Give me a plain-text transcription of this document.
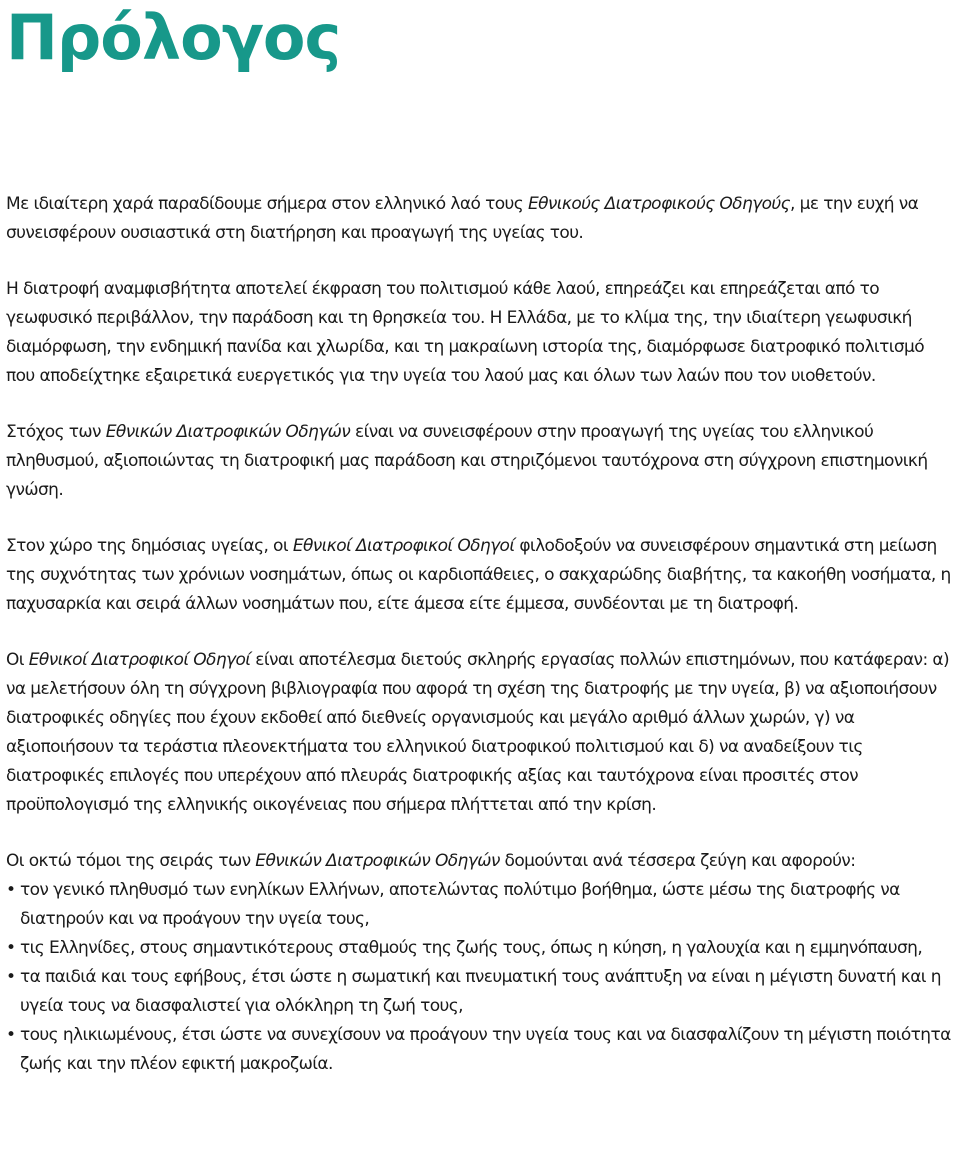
Πρόλογος

Με ιδιαίτερη χαρά παραδίδουμε σήμερα στον ελληνικό λαό τους Εθνικούς Διατροφικούς Οδηγούς, με την ευχή να συνεισφέρουν ουσιαστικά στη διατήρηση και προαγωγή της υγείας του.

Η διατροφή αναμφισβήτητα αποτελεί έκφραση του πολιτισμού κάθε λαού, επηρεάζει και επηρεάζεται από το γεωφυσικό περιβάλλον, την παράδοση και τη θρησκεία του. Η Ελλάδα, με το κλίμα της, την ιδιαίτερη γεωφυσική διαμόρφωση, την ενδημική πανίδα και χλωρίδα, και τη μακραίωνη ιστορία της, διαμόρφωσε διατροφικό πολιτισμό που αποδείχτηκε εξαιρετικά ευεργετικός για την υγεία του λαού μας και όλων των λαών που τον υιοθετούν.

Στόχος των Εθνικών Διατροφικών Οδηγών είναι να συνεισφέρουν στην προαγωγή της υγείας του ελληνικού πληθυσμού, αξιοποιώντας τη διατροφική μας παράδοση και στηριζόμενοι ταυτόχρονα στη σύγχρονη επιστημονική γνώση.

Στον χώρο της δημόσιας υγείας, οι Εθνικοί Διατροφικοί Οδηγοί φιλοδοξούν να συνεισφέρουν σημαντικά στη μείωση της συχνότητας των χρόνιων νοσημάτων, όπως οι καρδιοπάθειες, ο σακχαρώδης διαβήτης, τα κακοήθη νοσήματα, η παχυσαρκία και σειρά άλλων νοσημάτων που, είτε άμεσα είτε έμμεσα, συνδέονται με τη διατροφή.

Οι Εθνικοί Διατροφικοί Οδηγοί είναι αποτέλεσμα διετούς σκληρής εργασίας πολλών επιστημόνων, που κατάφεραν: α) να μελετήσουν όλη τη σύγχρονη βιβλιογραφία που αφορά τη σχέση της διατροφής με την υγεία, β) να αξιοποιήσουν διατροφικές οδηγίες που έχουν εκδοθεί από διεθνείς οργανισμούς και μεγάλο αριθμό άλλων χωρών, γ) να αξιοποιήσουν τα τεράστια πλεονεκτήματα του ελληνικού διατροφικού πολιτισμού και δ) να αναδείξουν τις διατροφικές επιλογές που υπερέχουν από πλευράς διατροφικής αξίας και ταυτόχρονα είναι προσιτές στον προϋπολογισμό της ελληνικής οικογένειας που σήμερα πλήττεται από την κρίση.

Οι οκτώ τόμοι της σειράς των Εθνικών Διατροφικών Οδηγών δομούνται ανά τέσσερα ζεύγη και αφορούν:
• τον γενικό πληθυσμό των ενηλίκων Ελλήνων, αποτελώντας πολύτιμο βοήθημα, ώστε μέσω της διατροφής να διατηρούν και να προάγουν την υγεία τους,
• τις Ελληνίδες, στους σημαντικότερους σταθμούς της ζωής τους, όπως η κύηση, η γαλουχία και η εμμηνόπαυση,
• τα παιδιά και τους εφήβους, έτσι ώστε η σωματική και πνευματική τους ανάπτυξη να είναι η μέγιστη δυνατή και η υγεία τους να διασφαλιστεί για ολόκληρη τη ζωή τους,
• τους ηλικιωμένους, έτσι ώστε να συνεχίσουν να προάγουν την υγεία τους και να διασφαλίζουν τη μέγιστη ποιότητα ζωής και την πλέον εφικτή μακροζωία.
